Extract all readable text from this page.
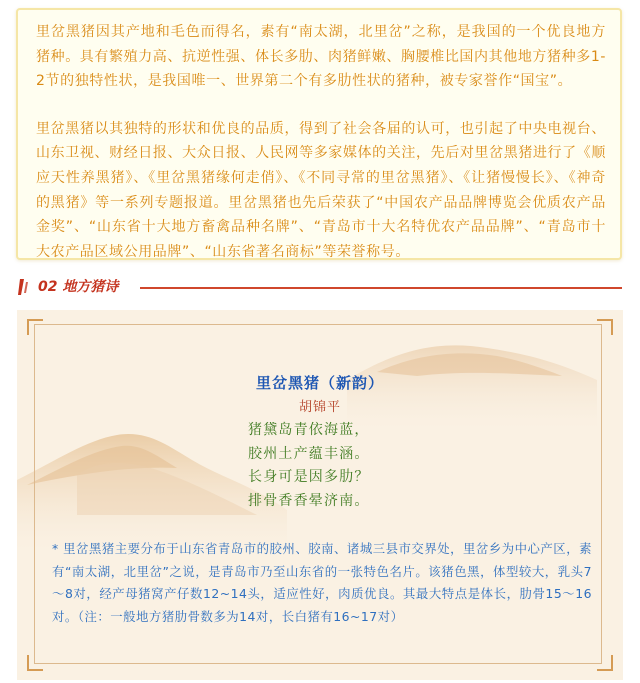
里岔黑猪因其产地和毛色而得名，素有“南太湖，北里岔”之称，是我国的一个优良地方猪种。具有繁殖力高、抗逆性强、体长多肋、肉猪鲜嫩、胸腰椎比国内其他地方猪种多1-2节的独特性状，是我国唯一、世界第二个有多肋性状的猪种，被专家誉作“国宝”。

里岔黑猪以其独特的形状和优良的品质，得到了社会各届的认可，也引起了中央电视台、山东卫视、财经日报、大众日报、人民网等多家媒体的关注，先后对里岔黑猪进行了《顺应天性养黑猪》、《里岔黑猪缘何走俏》、《不同寻常的里岔黑猪》、《让猪慢慢长》、《神奇的黑猪》等一系列专题报道。里岔黑猪也先后荣获了“中国农产品品牌博览会优质农产品金奖”、“山东省十大地方畜禽品种名牌”、“青岛市十大名特优农产品品牌”、“青岛市十大农产品区域公用品牌”、“山东省著名商标”等荣誉称号。

02 地方猪诗
里岔黑猪（新韵）
胡锦平
猪黛岛青依海蓝，
胶州土产蕴丰涵。
长身可是因多肋？
排骨香香晕济南。
* 里岔黑猪主要分布于山东省青岛市的胶州、胶南、诸城三县市交界处，里岔乡为中心产区，素有“南太湖，北里岔”之说，是青岛市乃至山东省的一张特色名片。该猪色黑，体型较大，乳头7～8对，经产母猪窝产仔数12~14头，适应性好，肉质优良。其最大特点是体长，肋骨15～16对。（注：一般地方猪肋骨数多为14对，长白猪有16~17对）
